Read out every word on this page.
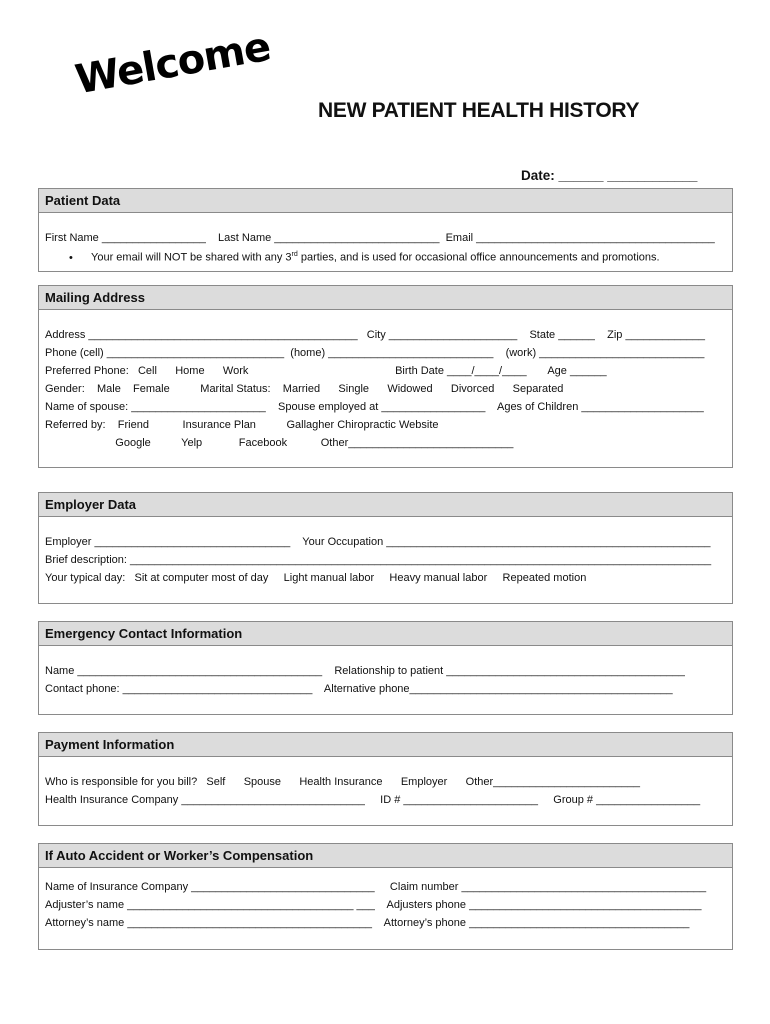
Welcome
NEW PATIENT HEALTH HISTORY
Date: ______ ____________
Patient Data
First Name _________________    Last Name ___________________________  Email _______________________________________
• Your email will NOT be shared with any 3rd parties, and is used for occasional office announcements and promotions.
Mailing Address
Address ____________________________________________   City _____________________    State ______    Zip _____________
Phone (cell) _____________________________  (home) ___________________________    (work) ___________________________
Preferred Phone:   Cell      Home      Work                                                Birth Date ____/____/____       Age ______
Gender:    Male    Female          Marital Status:    Married      Single      Widowed      Divorced      Separated
Name of spouse: ______________________    Spouse employed at _________________    Ages of Children ____________________
Referred by:    Friend           Insurance Plan          Gallagher Chiropractic Website
Google          Yelp            Facebook           Other___________________________
Employer Data
Employer ________________________________    Your Occupation _____________________________________________________
Brief description: _______________________________________________________________________________________________
Your typical day:   Sit at computer most of day     Light manual labor     Heavy manual labor     Repeated motion
Emergency Contact Information
Name ________________________________________    Relationship to patient _______________________________________
Contact phone: _______________________________    Alternative phone___________________________________________
Payment Information
Who is responsible for you bill?   Self      Spouse      Health Insurance      Employer      Other________________________
Health Insurance Company ______________________________     ID # ______________________     Group # _________________
If Auto Accident or Worker’s Compensation
Name of Insurance Company ______________________________     Claim number ________________________________________
Adjuster’s name _____________________________________ ___    Adjusters phone ______________________________________
Attorney’s name ________________________________________    Attorney’s phone ____________________________________
